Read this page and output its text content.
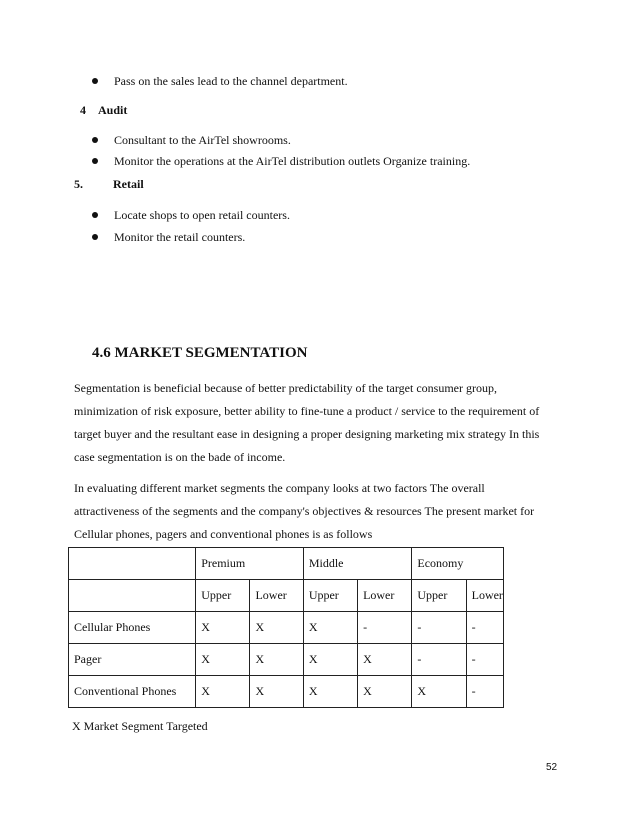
Pass on the sales lead to the channel department.
4 Audit
Consultant to the AirTel showrooms.
Monitor the operations at the AirTel distribution outlets Organize training.
5.	Retail
Locate shops to open retail counters.
Monitor the retail counters.
4.6 MARKET SEGMENTATION
Segmentation is beneficial because of better predictability of the target consumer group,
minimization of risk exposure, better ability to fine-tune a product / service to the requirement of
target buyer and the resultant ease in designing a proper designing marketing mix strategy In this
case segmentation is on the bade of income.
In evaluating different market segments the company looks at two factors The overall
attractiveness of the segments and the company's objectives & resources The present market for
Cellular phones, pagers and conventional phones is as follows
	Premium		Middle		Economy	
	Upper	Lower	Upper	Lower	Upper	Lower
Cellular Phones	X	X	X	-	-	-
Pager	X	X	X	X	-	-
Conventional Phones	X	X	X	X	X	-
X Market Segment Targeted
52
